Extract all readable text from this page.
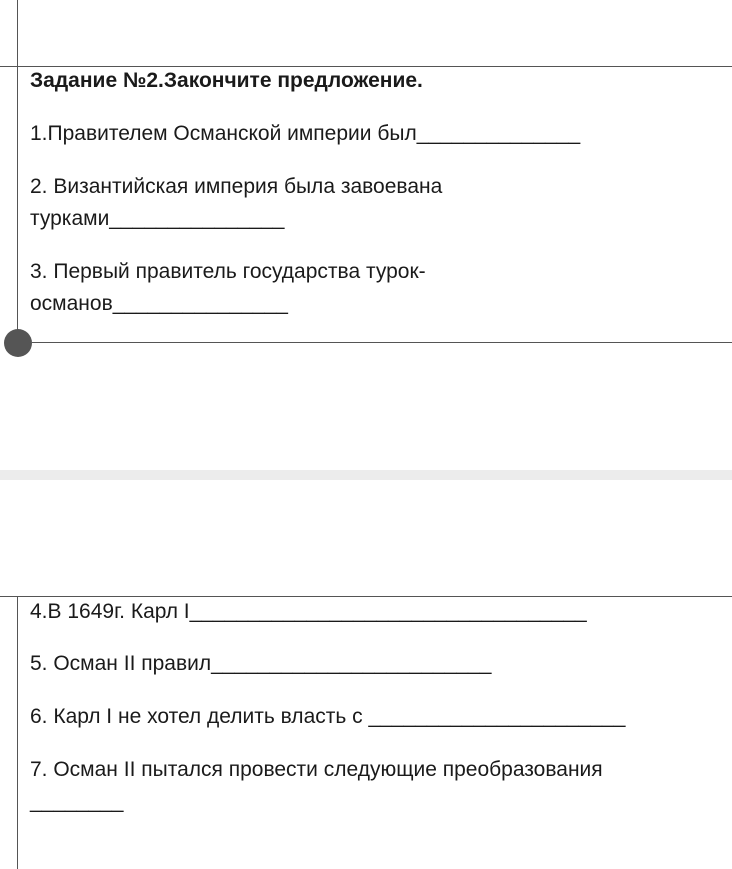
Задание №2.Закончите предложение.
1.Правителем Османской империи был______________
2. Византийская империя была завоевана
турками_______________
3. Первый правитель государства турок-
османов_______________
4.В 1649г. Карл I__________________________________
5. Осман II правил________________________
6. Карл I не хотел делить власть с ______________________
7. Осман II пытался провести следующие преобразования
________
